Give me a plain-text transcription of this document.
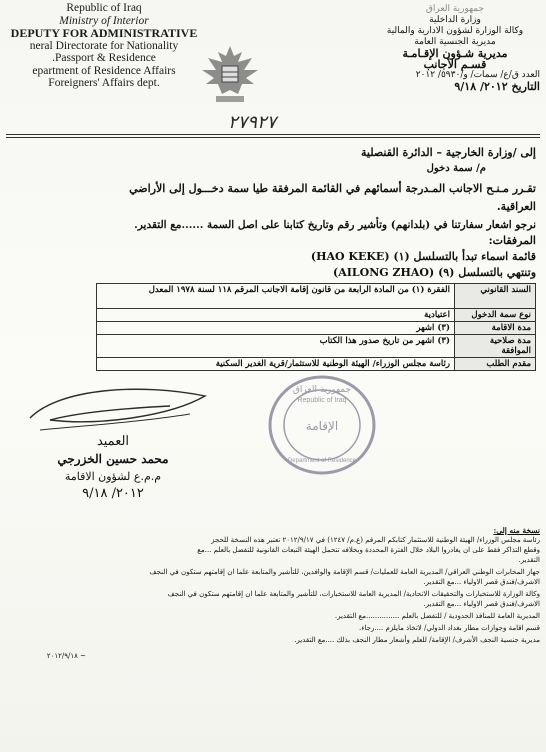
Republic of Iraq
Ministry of Interior
DEPUTY FOR ADMINISTRATIVE
neral Directorate for Nationality
.Passport & Residence
epartment of Residence Affairs
Foreigners' Affairs dept.
جمهورية العراق
وزارة الداخلية
وكالة الوزارة لشؤون الادارية والمالية
مديرية الجنسية العامة
مديرية شـؤون الإقـامـة
قسـم الأجانب
العدد ق/ع/ سمات/ و/٥٩٣٠/ ٢٠١٢
التاريخ ٢٠١٢/ ٩/١٨
٢٧٩٢٧
إلى /وزارة الخارجية – الدائرة القنصلية
م/ سمة دخول
تقـرر مـنـح الاجانب المـدرجة أسمائهم في القائمة المرفقة طيا سمة دخـــول إلى الأراضي
العراقية.
نرجو اشعار سفارتنا في (بلدانهم) وتأشير رقم وتاريخ كتابنا على اصل السمة ......مع التقدير.
المرفقات:
قائمة اسماء تبدأ بالتسلسل (١) (HAO KEKE)
وتنتهي بالتسلسل (٩) (AILONG ZHAO)
السند القانوني	الفقرة (١) من المادة الرابعة من قانون إقامة الاجانب المرقم ١١٨ لسنة ١٩٧٨ المعدل
نوع سمة الدخول	اعتيادية
مدة الاقامة	(٣) اشهر
مدة صلاحية الموافقة	(٣) اشهر من تاريخ صدور هذا الكتاب
مقدم الطلب	رئاسة مجلس الوزراء/ الهيئة الوطنية للاستثمار/قرية الغدير السكنية
جمهورية العراق
Republic of Iraq
الإقامة
Department of Residence
العميد
محمد حسين الخزرجي
م.م.ع لشؤون الاقامة
٢٠١٢/ ٩/١٨
نسخة منه إلى:
رئاسة مجلس الوزراء/ الهيئة الوطنية للاستثمار كتابكم المرقم (ع.م/ ١٢٤٧) في ٢٠١٢/٩/١٧ تعتبر هذه النسخة للحجز
وقطع التذاكر فقط على ان يغادروا البلاد خلال الفترة المحددة وبخلافه تتحمل الهيئة التبعات القانونية للتفضل بالعلم ...مع
التقدير.
جهاز المخابرات الوطني العراقي/ المديرية العامة للعمليات/ قسم الإقامة والوافدين، للتأشير والمتابعة علما ان إقامتهم ستكون في النجف
الاشرف/فندق قصر الاولياء ...مع التقدير.
وكالة الوزارة للاستخبارات والتحقيقات الاتحادية/ المديرية العامة للاستخبارات، للتأشير والمتابعة علما ان إقامتهم ستكون في النجف
الاشرف/فندق قصر الاولياء ...مع التقدير.
المديرية العامة للمنافذ الحدودية / للتفضل بالعلم ...............مع التقدير.
قسم اقامة وجوازات مطار بغداد الدولي/ لاتخاذ مايلزم ....رجاء.
مديرية جنسية النجف الأشرف/ الإقامة/ للعلم وأشعار مطار النجف بذلك ....مع التقدير.
٢٠١٢/٩/١٨ ~
